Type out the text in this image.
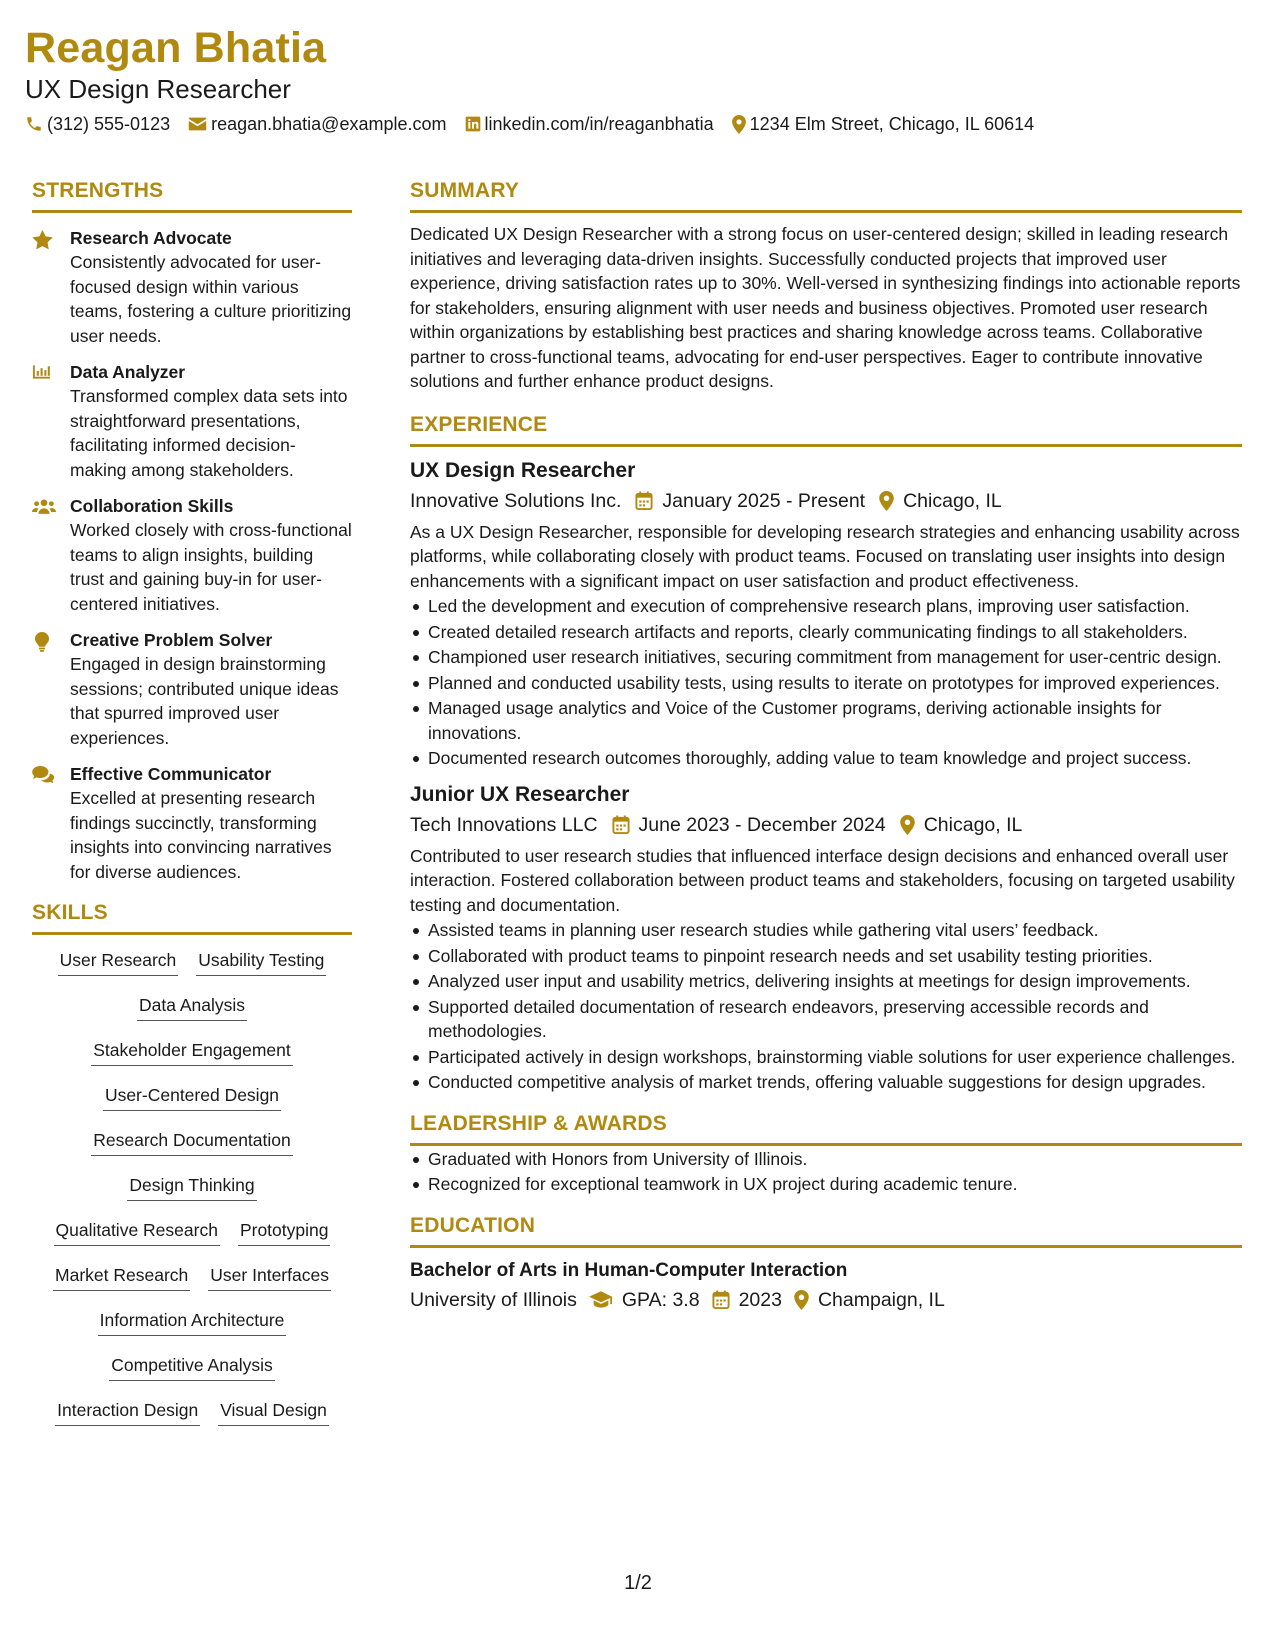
Reagan Bhatia
UX Design Researcher
(312) 555-0123 reagan.bhatia@example.com linkedin.com/in/reaganbhatia 1234 Elm Street, Chicago, IL 60614
STRENGTHS
Research Advocate
Consistently advocated for user-focused design within various teams, fostering a culture prioritizing user needs.
Data Analyzer
Transformed complex data sets into straightforward presentations, facilitating informed decision-making among stakeholders.
Collaboration Skills
Worked closely with cross-functional teams to align insights, building trust and gaining buy-in for user-centered initiatives.
Creative Problem Solver
Engaged in design brainstorming sessions; contributed unique ideas that spurred improved user experiences.
Effective Communicator
Excelled at presenting research findings succinctly, transforming insights into convincing narratives for diverse audiences.
SKILLS
User Research Usability Testing
Data Analysis
Stakeholder Engagement
User-Centered Design
Research Documentation
Design Thinking
Qualitative Research Prototyping
Market Research User Interfaces
Information Architecture
Competitive Analysis
Interaction Design Visual Design
SUMMARY
Dedicated UX Design Researcher with a strong focus on user-centered design; skilled in leading research initiatives and leveraging data-driven insights. Successfully conducted projects that improved user experience, driving satisfaction rates up to 30%. Well-versed in synthesizing findings into actionable reports for stakeholders, ensuring alignment with user needs and business objectives. Promoted user research within organizations by establishing best practices and sharing knowledge across teams. Collaborative partner to cross-functional teams, advocating for end-user perspectives. Eager to contribute innovative solutions and further enhance product designs.
EXPERIENCE
UX Design Researcher
Innovative Solutions Inc. January 2025 - Present Chicago, IL
As a UX Design Researcher, responsible for developing research strategies and enhancing usability across platforms, while collaborating closely with product teams. Focused on translating user insights into design enhancements with a significant impact on user satisfaction and product effectiveness.
Led the development and execution of comprehensive research plans, improving user satisfaction.
Created detailed research artifacts and reports, clearly communicating findings to all stakeholders.
Championed user research initiatives, securing commitment from management for user-centric design.
Planned and conducted usability tests, using results to iterate on prototypes for improved experiences.
Managed usage analytics and Voice of the Customer programs, deriving actionable insights for innovations.
Documented research outcomes thoroughly, adding value to team knowledge and project success.
Junior UX Researcher
Tech Innovations LLC June 2023 - December 2024 Chicago, IL
Contributed to user research studies that influenced interface design decisions and enhanced overall user interaction. Fostered collaboration between product teams and stakeholders, focusing on targeted usability testing and documentation.
Assisted teams in planning user research studies while gathering vital users’ feedback.
Collaborated with product teams to pinpoint research needs and set usability testing priorities.
Analyzed user input and usability metrics, delivering insights at meetings for design improvements.
Supported detailed documentation of research endeavors, preserving accessible records and methodologies.
Participated actively in design workshops, brainstorming viable solutions for user experience challenges.
Conducted competitive analysis of market trends, offering valuable suggestions for design upgrades.
LEADERSHIP & AWARDS
Graduated with Honors from University of Illinois.
Recognized for exceptional teamwork in UX project during academic tenure.
EDUCATION
Bachelor of Arts in Human-Computer Interaction
University of Illinois GPA: 3.8 2023 Champaign, IL
1/2
